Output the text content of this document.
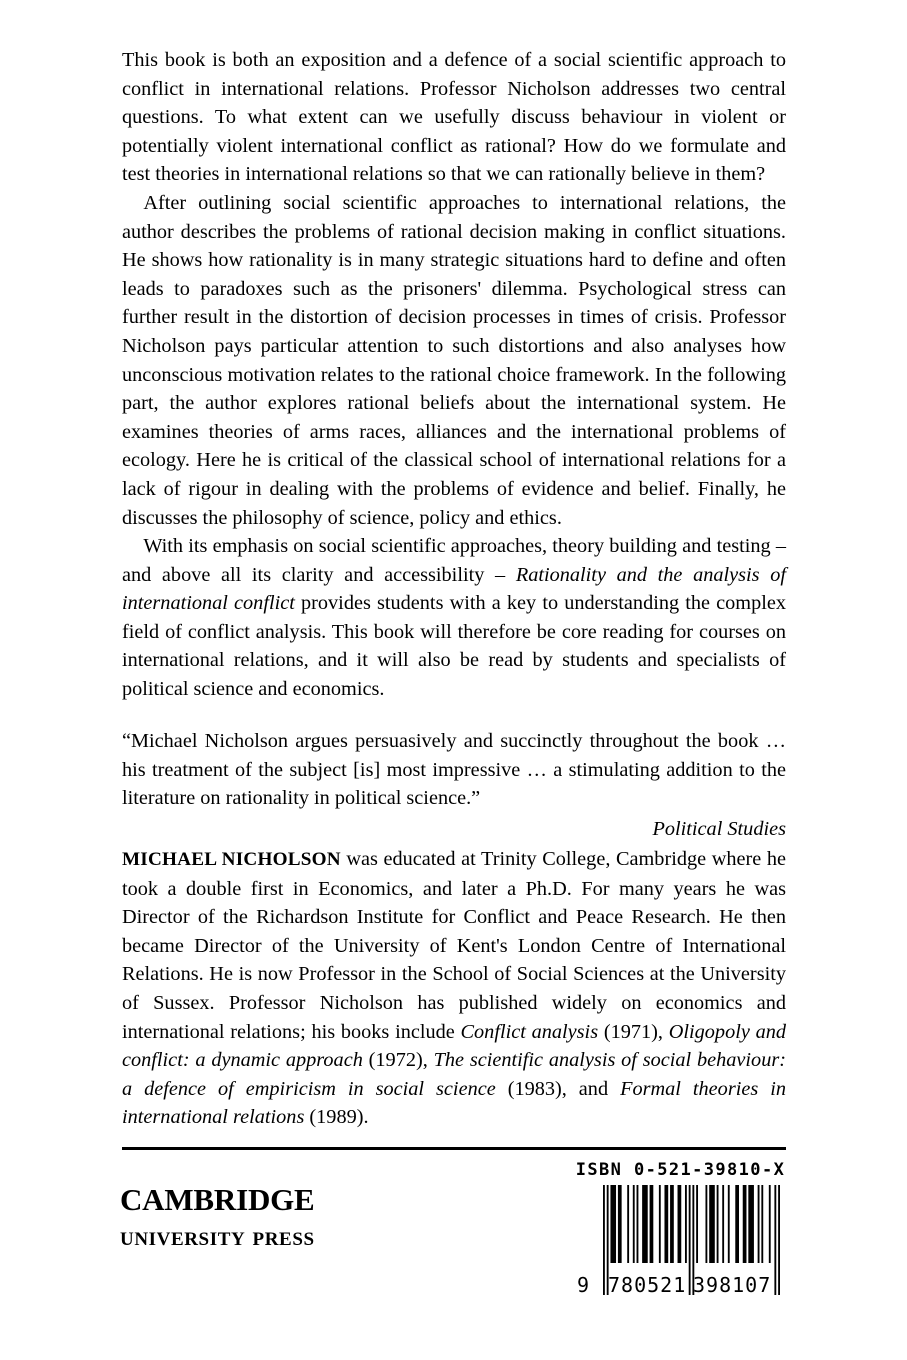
This book is both an exposition and a defence of a social scientific approach to conflict in international relations. Professor Nicholson addresses two central questions. To what extent can we usefully discuss behaviour in violent or potentially violent international conflict as rational? How do we formulate and test theories in international relations so that we can rationally believe in them?

After outlining social scientific approaches to international relations, the author describes the problems of rational decision making in conflict situations. He shows how rationality is in many strategic situations hard to define and often leads to paradoxes such as the prisoners' dilemma. Psychological stress can further result in the distortion of decision processes in times of crisis. Professor Nicholson pays particular attention to such distortions and also analyses how unconscious motivation relates to the rational choice framework. In the following part, the author explores rational beliefs about the international system. He examines theories of arms races, alliances and the international problems of ecology. Here he is critical of the classical school of international relations for a lack of rigour in dealing with the problems of evidence and belief. Finally, he discusses the philosophy of science, policy and ethics.

With its emphasis on social scientific approaches, theory building and testing – and above all its clarity and accessibility – Rationality and the analysis of international conflict provides students with a key to understanding the complex field of conflict analysis. This book will therefore be core reading for courses on international relations, and it will also be read by students and specialists of political science and economics.

“Michael Nicholson argues persuasively and succinctly throughout the book … his treatment of the subject [is] most impressive … a stimulating addition to the literature on rationality in political science.”

Political Studies

MICHAEL NICHOLSON was educated at Trinity College, Cambridge where he took a double first in Economics, and later a Ph.D. For many years he was Director of the Richardson Institute for Conflict and Peace Research. He then became Director of the University of Kent's London Centre of International Relations. He is now Professor in the School of Social Sciences at the University of Sussex. Professor Nicholson has published widely on economics and international relations; his books include Conflict analysis (1971), Oligopoly and conflict: a dynamic approach (1972), The scientific analysis of social behaviour: a defence of empiricism in social science (1983), and Formal theories in international relations (1989).

cambridge
university press
ISBN 0-521-39810-X
9 780521 398107
